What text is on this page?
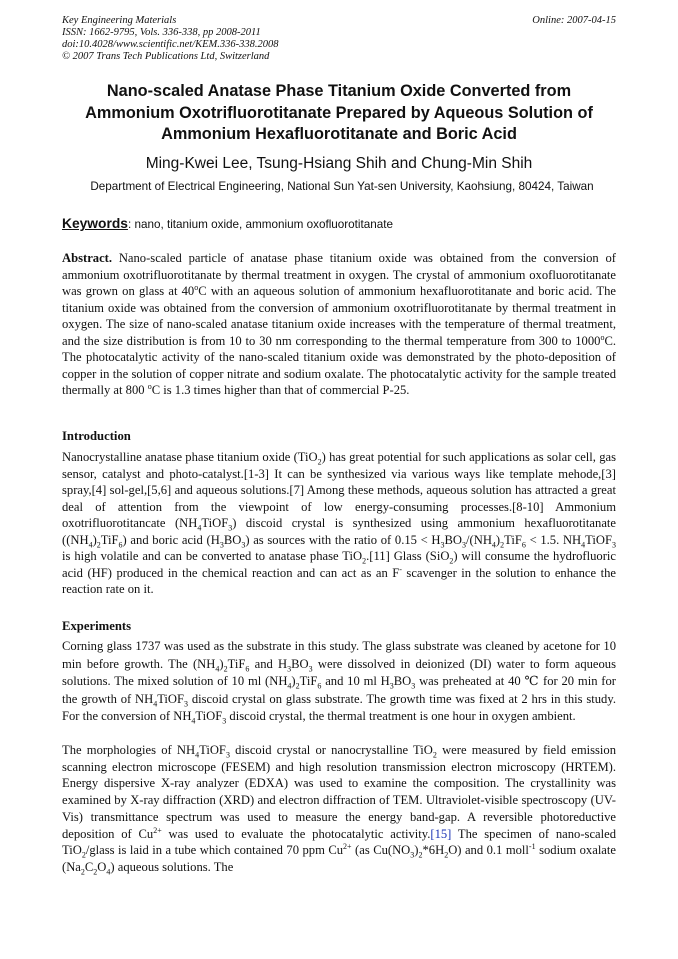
Key Engineering Materials	Online: 2007-04-15
ISSN: 1662-9795, Vols. 336-338, pp 2008-2011
doi:10.4028/www.scientific.net/KEM.336-338.2008
© 2007 Trans Tech Publications Ltd, Switzerland
Nano-scaled Anatase Phase Titanium Oxide Converted from
Ammonium Oxotrifluorotitanate Prepared by Aqueous Solution of
Ammonium Hexafluorotitanate and Boric Acid
Ming-Kwei Lee, Tsung-Hsiang Shih and Chung-Min Shih
Department of Electrical Engineering, National Sun Yat-sen University, Kaohsiung, 80424, Taiwan
Keywords: nano, titanium oxide, ammonium oxofluorotitanate

Abstract. Nano-scaled particle of anatase phase titanium oxide was obtained from the conversion of ammonium oxotrifluorotitanate by thermal treatment in oxygen. The crystal of ammonium oxofluorotitanate was grown on glass at 40$^o$C with an aqueous solution of ammonium hexafluorotitanate and boric acid. The titanium oxide was obtained from the conversion of ammonium oxotrifluorotitanate by thermal treatment in oxygen. The size of nano-scaled anatase titanium oxide increases with the temperature of thermal treatment, and the size distribution is from 10 to 30 nm corresponding to the thermal temperature from 300 to 1000$^o$C. The photocatalytic activity of the nano-scaled titanium oxide was demonstrated by the photo-deposition of copper in the solution of copper nitrate and sodium oxalate. The photocatalytic activity for the sample treated thermally at 800 $^o$C is 1.3 times higher than that of commercial P-25.

Introduction

Nanocrystalline anatase phase titanium oxide (TiO$_2$) has great potential for such applications as solar cell, gas sensor, catalyst and photo-catalyst.[1-3] It can be synthesized via various ways like template mehode,[3] spray,[4] sol-gel,[5,6] and aqueous solutions.[7] Among these methods, aqueous solution has attracted a great deal of attention from the viewpoint of low energy-consuming processes.[8-10] Ammonium oxotrifluorotitancate $(NH_4TiOF_3)$ discoid crystal is synthesized using ammonium hexafluorotitanate $((NH_4)_2TiF_6)$ and boric acid $(H_3BO_3)$ as sources with the ratio of $0.15 < H_3BO_3/(NH_4)_2TiF_6 < 1.5$. $NH_4TiOF_3$ is high volatile and can be converted to anatase phase TiO$_2$.[11] Glass (SiO$_2$) will consume the hydrofluoric acid (HF) produced in the chemical reaction and can act as an F- scavenger in the solution to enhance the reaction rate on it.

Experiments

Corning glass 1737 was used as the substrate in this study. The glass substrate was cleaned by acetone for 10 min before growth. The $(NH_4)_2TiF_6$ and $H_3BO_3$ were dissolved in deionized (DI) water to form aqueous solutions. The mixed solution of 10 ml $(NH_4)_2TiF_6$ and 10 ml $H_3BO_3$ was preheated at 40 ℃ for 20 min for the growth of $NH_4TiOF_3$ discoid crystal on glass substrate. The growth time was fixed at 2 hrs in this study. For the conversion of $NH_4TiOF_3$ discoid crystal, the thermal treatment is one hour in oxygen ambient.

The morphologies of $NH_4TiOF_3$ discoid crystal or nanocrystalline TiO$_2$ were measured by field emission scanning electron microscope (FESEM) and high resolution transmission electron microscopy (HRTEM). Energy dispersive X-ray analyzer (EDXA) was used to examine the composition. The crystallinity was examined by X-ray diffraction (XRD) and electron diffraction of TEM. Ultraviolet-visible spectroscopy (UV-Vis) transmittance spectrum was used to measure the energy band-gap. A reversible photoreductive deposition of $Cu^{2+}$ was used to evaluate the photocatalytic activity.[15] The specimen of nano-scaled TiO$_2$/glass is laid in a tube which contained 70 ppm $Cu^{2+}$ (as $Cu(NO_3)_2*6H_2O$) and 0.1 moll$^{-1}$ sodium oxalate $(Na_2C_2O_4)$ aqueous solutions. The
